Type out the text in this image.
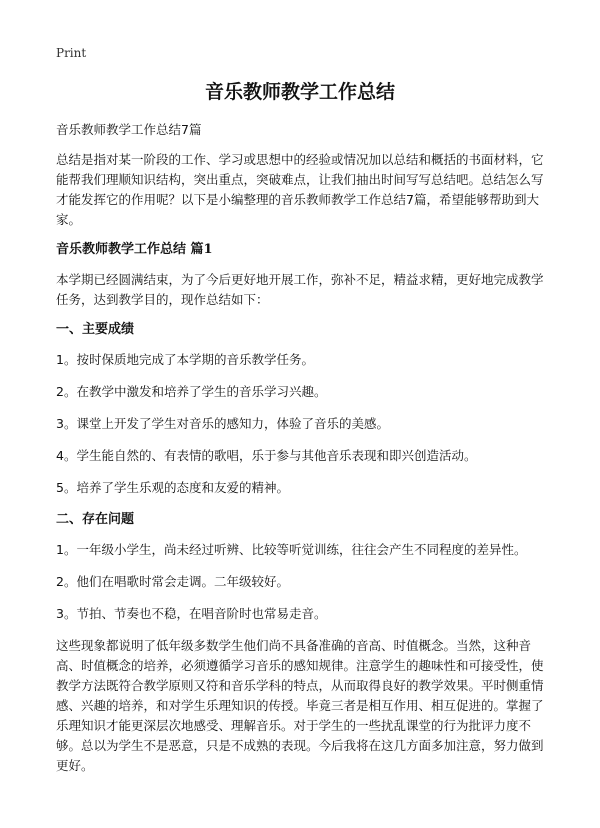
Print
音乐教师教学工作总结

音乐教师教学工作总结7篇

总结是指对某一阶段的工作、学习或思想中的经验或情况加以总结和概括的书面材料，它能帮我们理顺知识结构，突出重点，突破难点，让我们抽出时间写写总结吧。总结怎么写才能发挥它的作用呢？以下是小编整理的音乐教师教学工作总结7篇，希望能够帮助到大家。

音乐教师教学工作总结 篇1

本学期已经圆满结束，为了今后更好地开展工作，弥补不足，精益求精，更好地完成教学任务，达到教学目的，现作总结如下：

一、主要成绩

1。按时保质地完成了本学期的音乐教学任务。

2。在教学中激发和培养了学生的音乐学习兴趣。

3。课堂上开发了学生对音乐的感知力，体验了音乐的美感。

4。学生能自然的、有表情的歌唱，乐于参与其他音乐表现和即兴创造活动。

5。培养了学生乐观的态度和友爱的精神。

二、存在问题

1。一年级小学生，尚未经过听辨、比较等听觉训练，往往会产生不同程度的差异性。

2。他们在唱歌时常会走调。二年级较好。

3。节拍、节奏也不稳，在唱音阶时也常易走音。

这些现象都说明了低年级多数学生他们尚不具备准确的音高、时值概念。当然，这种音高、时值概念的培养，必须遵循学习音乐的感知规律。注意学生的趣味性和可接受性，使教学方法既符合教学原则又符和音乐学科的特点，从而取得良好的教学效果。平时侧重情感、兴趣的培养，和对学生乐理知识的传授。毕竟三者是相互作用、相互促进的。掌握了乐理知识才能更深层次地感受、理解音乐。对于学生的一些扰乱课堂的行为批评力度不够。总以为学生不是恶意，只是不成熟的表现。今后我将在这几方面多加注意，努力做到更好。
